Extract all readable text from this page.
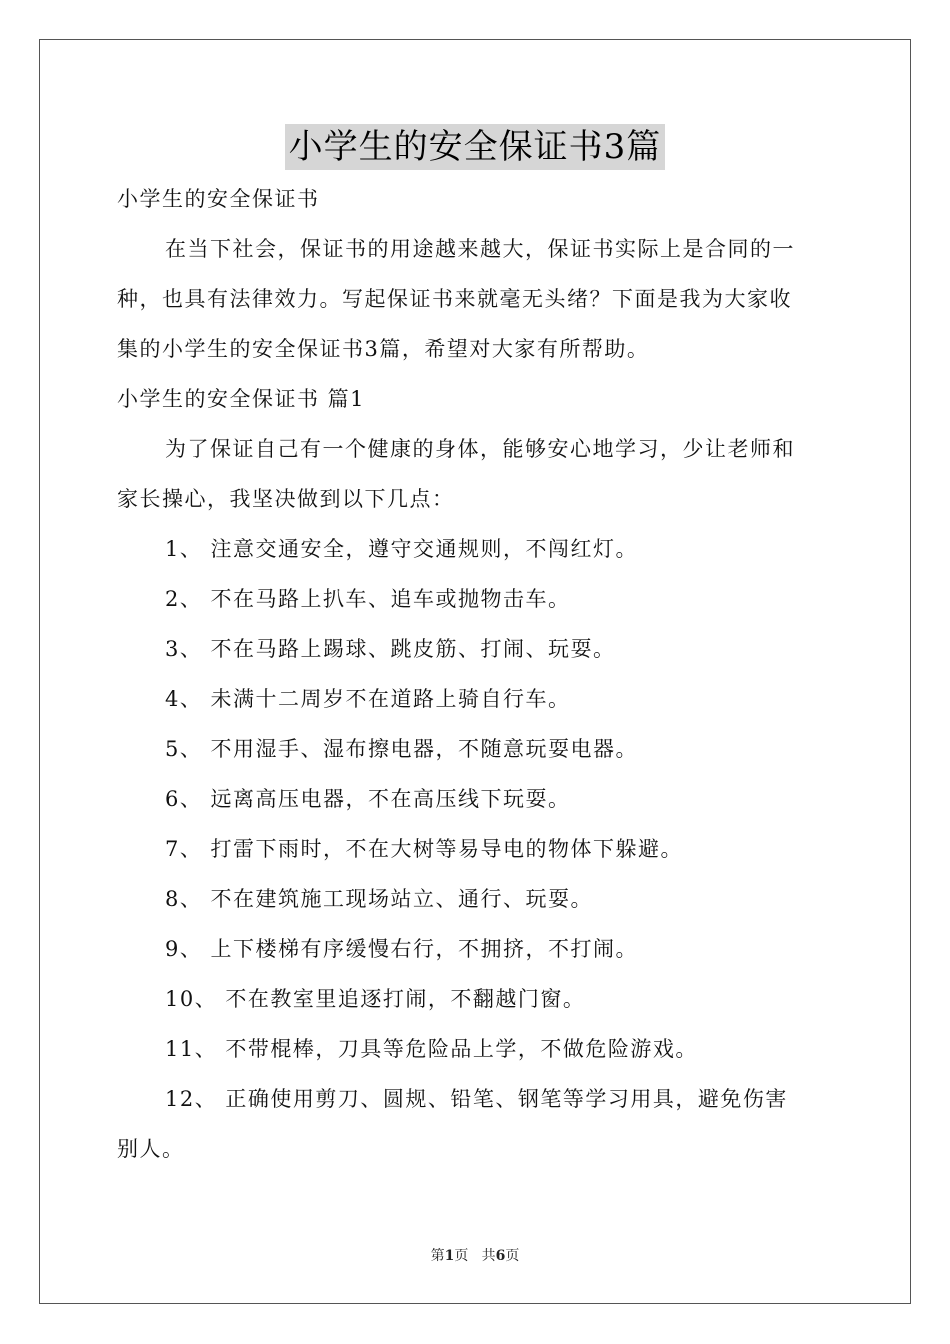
小学生的安全保证书3篇
小学生的安全保证书
在当下社会，保证书的用途越来越大，保证书实际上是合同的一
种，也具有法律效力。写起保证书来就毫无头绪？下面是我为大家收
集的小学生的安全保证书3篇，希望对大家有所帮助。
小学生的安全保证书 篇1
为了保证自己有一个健康的身体，能够安心地学习，少让老师和
家长操心，我坚决做到以下几点：
1、 注意交通安全，遵守交通规则，不闯红灯。
2、 不在马路上扒车、追车或抛物击车。
3、 不在马路上踢球、跳皮筋、打闹、玩耍。
4、 未满十二周岁不在道路上骑自行车。
5、 不用湿手、湿布擦电器，不随意玩耍电器。
6、 远离高压电器，不在高压线下玩耍。
7、 打雷下雨时，不在大树等易导电的物体下躲避。
8、 不在建筑施工现场站立、通行、玩耍。
9、 上下楼梯有序缓慢右行，不拥挤，不打闹。
10、 不在教室里追逐打闹，不翻越门窗。
11、 不带棍棒，刀具等危险品上学，不做危险游戏。
12、 正确使用剪刀、圆规、铅笔、钢笔等学习用具，避免伤害
别人。
第1页 共6页
